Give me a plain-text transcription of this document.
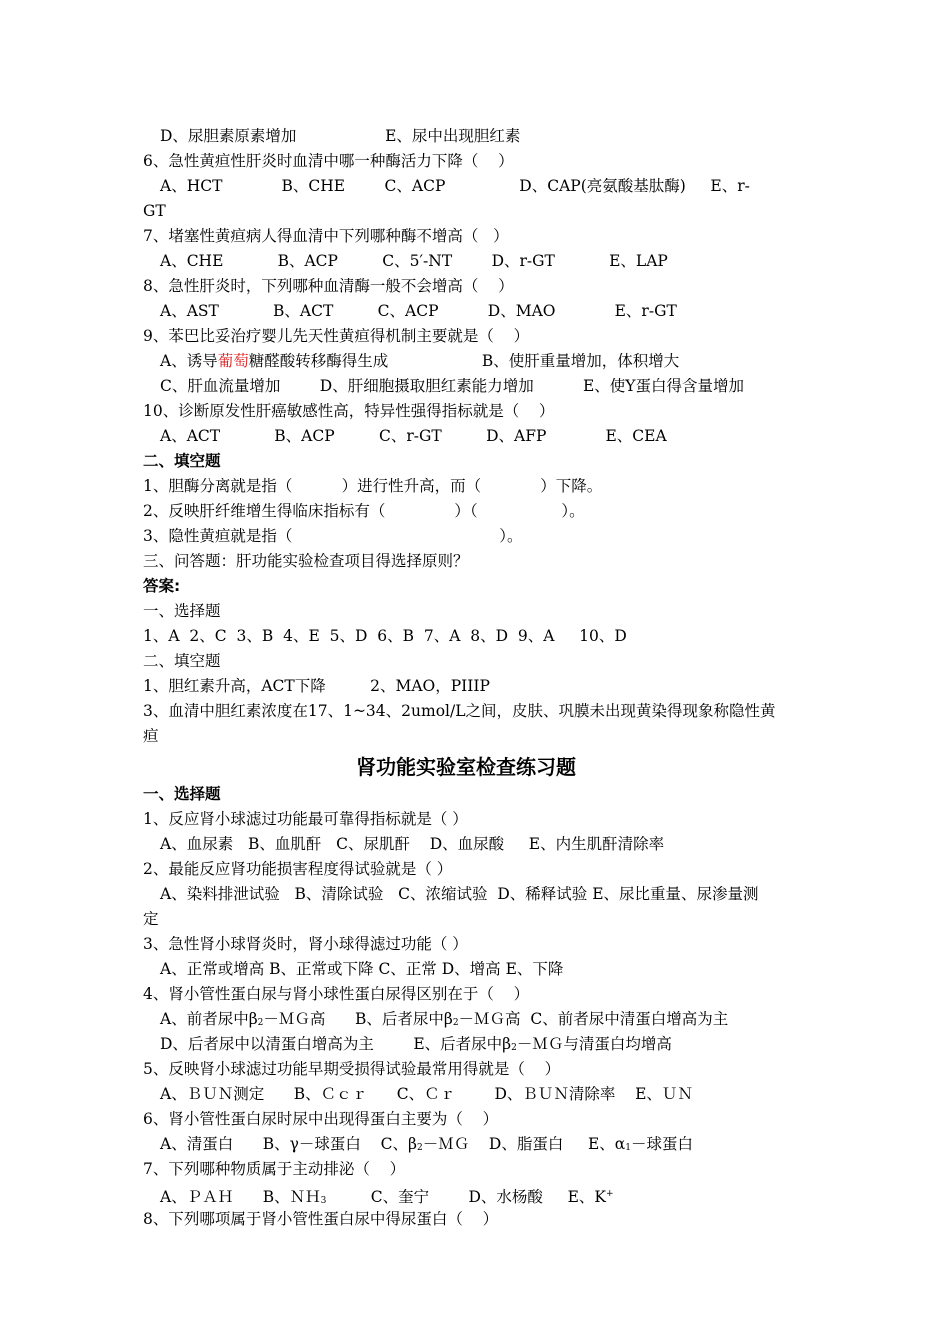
D、尿胆素原素增加                  E、尿中出现胆红素
6、急性黄疸性肝炎时血清中哪一种酶活力下降（    ）
A、HCT            B、CHE        C、ACP               D、CAP(亮氨酸基肽酶)     E、r-
GT
7、堵塞性黄疸病人得血清中下列哪种酶不增高（   ）
A、CHE           B、ACP         C、5′-NT        D、r-GT           E、LAP
8、急性肝炎时，下列哪种血清酶一般不会增高（    ）
A、AST           B、ACT         C、ACP          D、MAO            E、r-GT
9、苯巴比妥治疗婴儿先天性黄疸得机制主要就是（    ）
A、诱导葡萄糖醛酸转移酶得生成                   B、使肝重量增加，体积增大
C、肝血流量增加        D、肝细胞摄取胆红素能力增加          E、使Y蛋白得含量增加
10、诊断原发性肝癌敏感性高，特异性强得指标就是（    ）
A、ACT           B、ACP         C、r-GT         D、AFP            E、CEA
二、填空题
1、胆酶分离就是指（          ）进行性升高，而（            ）下降。
2、反映肝纤维增生得临床指标有（              ）（                 ）。
3、隐性黄疸就是指（                                          ）。
三、问答题：肝功能实验检查项目得选择原则？
答案:
一、选择题
1、A  2、C  3、B  4、E  5、D  6、B  7、A  8、D  9、A     10、D
二、填空题
1、胆红素升高，ACT下降         2、MAO，PIIIP
3、血清中胆红素浓度在17、1~34、2umol/L之间，皮肤、巩膜未出现黄染得现象称隐性黄
疸
肾功能实验室检查练习题
一、选择题
1、反应肾小球滤过功能最可靠得指标就是（ ）
A、血尿素   B、血肌酐   C、尿肌酐    D、血尿酸     E、内生肌酐清除率
2、最能反应肾功能损害程度得试验就是（ ）
A、染料排泄试验   B、清除试验   C、浓缩试验  D、稀释试验 E、尿比重量、尿渗量测
定
3、急性肾小球肾炎时，肾小球得滤过功能（ ）
A、正常或增高 B、正常或下降 C、正常 D、增高 E、下降
4、肾小管性蛋白尿与肾小球性蛋白尿得区别在于（    ）
A、前者尿中β2－ＭＧ高      B、后者尿中β2－ＭＧ高  C、前者尿中清蛋白增高为主
D、后者尿中以清蛋白增高为主        E、后者尿中β2－ＭＧ与清蛋白均增高
5、反映肾小球滤过功能早期受损得试验最常用得就是（    ）
A、ＢＵＮ测定      B、Ｃｃｒ      C、Ｃｒ        D、ＢＵＮ清除率    E、ＵＮ
6、肾小管性蛋白尿时尿中出现得蛋白主要为（    ）
A、清蛋白      B、γ－球蛋白    C、β2－ＭＧ    D、脂蛋白     E、α1－球蛋白
7、下列哪种物质属于主动排泌（    ）
A、ＰＡＨ      B、ＮＨ3         C、奎宁        D、水杨酸     E、K+
8、下列哪项属于肾小管性蛋白尿中得尿蛋白（    ）
